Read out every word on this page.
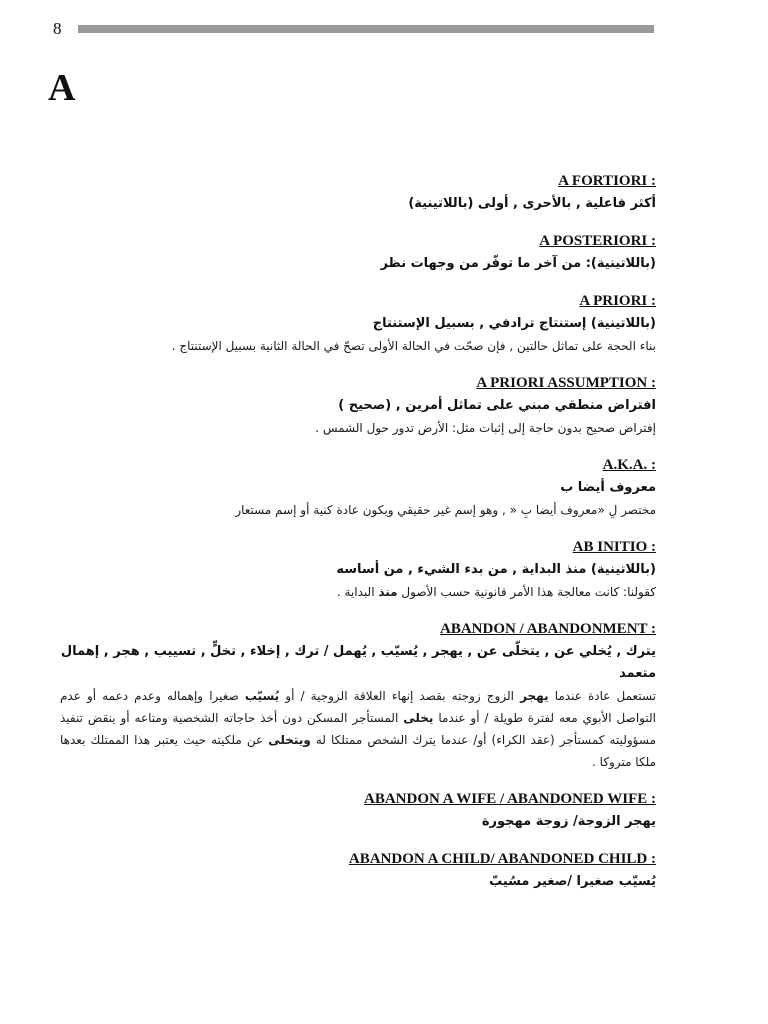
8
A
A FORTIORI :
أكثر فاعلية , بالأحرى , أولى (باللاتينية)
A POSTERIORI :
(باللاتينية): من آخر ما توفّر من وجهات نظر
A PRIORI :
(باللاتينية) إستنتاج ترادفي , بسبيل الإستنتاج
بناء الحجة على تماثل حالتين , فإن صحّت في الحالة الأولى تصحّ في الحالة الثانية بسبيل الإستنتاج .
A PRIORI ASSUMPTION :
افتراض منطقي مبني على تماثل أمرين , (صحيح )
إفتراض صحيح بدون حاجة إلى إثبات مثل: الأرض تدور حول الشمس .
A.K.A. :
معروف أيضا ب
مختصر لِ «معروف أيضا بِ « , وهو إسم غير حقيقي ويكون عادة كنية أو إسم مستعار
AB INITIO :
(باللاتينية) منذ البداية , من بدء الشيء , من أساسه
كقولنا: كانت معالجة هذا الأمر قانونية حسب الأصول منذ البداية .
ABANDON / ABANDONMENT :
يترك , يُخلي عن , يتخلّى عن , يهجر , يُسيّب , يُهمل / ترك , إخلاء , تخلٍّ , تسييب , هجر , إهمال متعمد
تستعمل عادة عندما يهجر الزوج زوجته بقصد إنهاء العلاقة الزوجية / أو يُسيّب صغيرا وإهماله وعدم دعمه أو عدم التواصل الأبوي معه لفترة طويلة / أو عندما يخلى المستأجر المسكن دون أخذ حاجاته الشخصية ومتاعه أو ينقض تنفيذ مسؤوليته كمستأجر (عقد الكراء) أو/ عندما يترك الشخص ممتلكا له ويتخلى عن ملكيته حيث يعتبر هذا الممتلك بعدها ملكا متروكا .
ABANDON A WIFE / ABANDONED WIFE :
يهجر الزوجة/ زوجة مهجورة
ABANDON A CHILD/ ABANDONED CHILD :
يُسيّب صغيرا /صغير مسُيبّ
